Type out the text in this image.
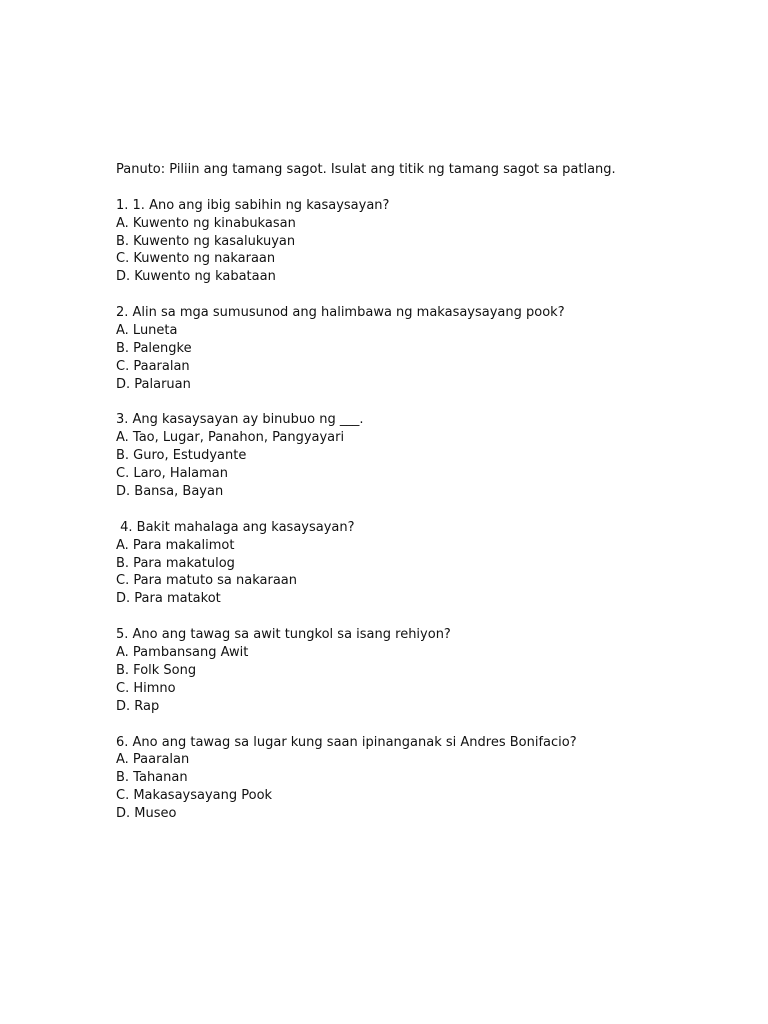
Panuto: Piliin ang tamang sagot. Isulat ang titik ng tamang sagot sa patlang.

1. 1. Ano ang ibig sabihin ng kasaysayan?

A. Kuwento ng kinabukasan

B. Kuwento ng kasalukuyan

C. Kuwento ng nakaraan

D. Kuwento ng kabataan

2. Alin sa mga sumusunod ang halimbawa ng makasaysayang pook?

A. Luneta

B. Palengke

C. Paaralan

D. Palaruan

3. Ang kasaysayan ay binubuo ng ___.

A. Tao, Lugar, Panahon, Pangyayari

B. Guro, Estudyante

C. Laro, Halaman

D. Bansa, Bayan

4. Bakit mahalaga ang kasaysayan?

A. Para makalimot

B. Para makatulog

C. Para matuto sa nakaraan

D. Para matakot

5. Ano ang tawag sa awit tungkol sa isang rehiyon?

A. Pambansang Awit

B. Folk Song

C. Himno

D. Rap

6. Ano ang tawag sa lugar kung saan ipinanganak si Andres Bonifacio?

A. Paaralan

B. Tahanan

C. Makasaysayang Pook

D. Museo
